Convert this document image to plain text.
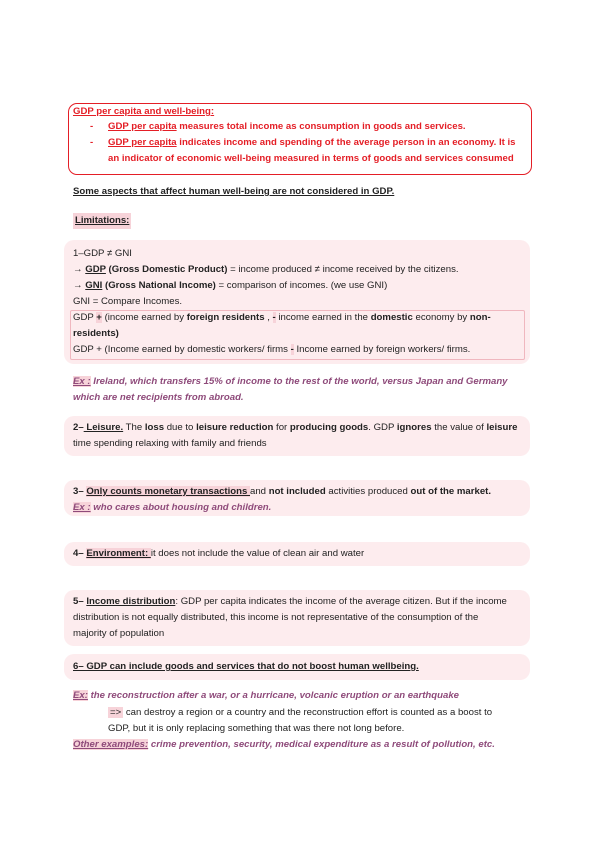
GDP per capita and well-being:
- GDP per capita measures total income as consumption in goods and services.
- GDP per capita indicates income and spending of the average person in an economy. It is
an indicator of economic well-being measured in terms of goods and services consumed
Some aspects that affect human well-being are not considered in GDP.
Limitations:
1–GDP ≠ GNI
→ GDP (Gross Domestic Product) = income produced ≠ income received by the citizens.
→ GNI (Gross National Income) = comparison of incomes. (we use GNI)
GNI = Compare Incomes.
GDP + (income earned by foreign residents , - income earned in the domestic economy by non-
residents)
GDP + (Income earned by domestic workers/ firms - Income earned by foreign workers/ firms.
Ex : Ireland, which transfers 15% of income to the rest of the world, versus Japan and Germany
which are net recipients from abroad.
2– Leisure. The loss due to leisure reduction for producing goods. GDP ignores the value of leisure
time spending relaxing with family and friends
3– Only counts monetary transactions and not included activities produced out of the market.
Ex : who cares about housing and children.
4– Environment: it does not include the value of clean air and water
5– Income distribution: GDP per capita indicates the income of the average citizen. But if the income
distribution is not equally distributed, this income is not representative of the consumption of the
majority of population
6– GDP can include goods and services that do not boost human wellbeing.
Ex: the reconstruction after a war, or a hurricane, volcanic eruption or an earthquake
=> can destroy a region or a country and the reconstruction effort is counted as a boost to
GDP, but it is only replacing something that was there not long before.
Other examples: crime prevention, security, medical expenditure as a result of pollution, etc.
